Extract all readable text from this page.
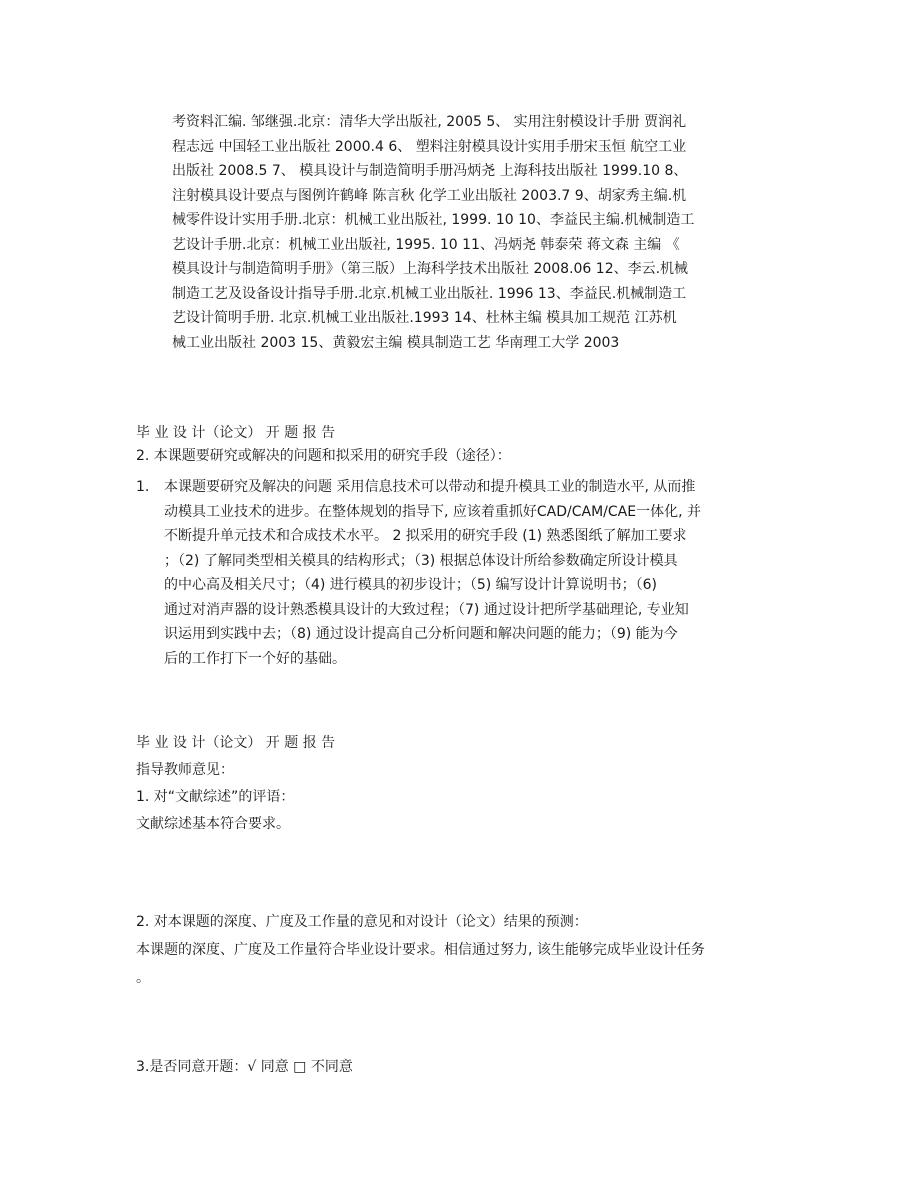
考资料汇编. 邹继强.北京：清华大学出版社, 2005 5、 实用注射模设计手册 贾润礼
程志远 中国轻工业出版社 2000.4 6、 塑料注射模具设计实用手册宋玉恒 航空工业
出版社 2008.5 7、 模具设计与制造简明手册冯炳尧 上海科技出版社 1999.10 8、
注射模具设计要点与图例许鹤峰 陈言秋 化学工业出版社 2003.7 9、胡家秀主编.机
械零件设计实用手册.北京：机械工业出版社, 1999. 10 10、李益民主编.机械制造工
艺设计手册.北京：机械工业出版社, 1995. 10 11、冯炳尧 韩泰荣 蒋文森 主编 《
模具设计与制造简明手册》（第三版）上海科学技术出版社 2008.06 12、李云.机械
制造工艺及设备设计指导手册.北京.机械工业出版社. 1996 13、李益民.机械制造工
艺设计简明手册. 北京.机械工业出版社.1993 14、杜林主编 模具加工规范 江苏机
械工业出版社 2003 15、黄毅宏主编 模具制造工艺 华南理工大学 2003
毕 业 设 计（论文） 开 题 报 告
2. 本课题要研究或解决的问题和拟采用的研究手段（途径）：
1. 本课题要研究及解决的问题 采用信息技术可以带动和提升模具工业的制造水平, 从而推
动模具工业技术的进步。在整体规划的指导下, 应该着重抓好CAD/CAM/CAE一体化, 并
不断提升单元技术和合成技术水平。 2 拟采用的研究手段 (1) 熟悉图纸了解加工要求
；（2) 了解同类型相关模具的结构形式；（3) 根据总体设计所给参数确定所设计模具
的中心高及相关尺寸；（4) 进行模具的初步设计；（5) 编写设计计算说明书；（6)
通过对消声器的设计熟悉模具设计的大致过程；（7) 通过设计把所学基础理论, 专业知
识运用到实践中去；（8) 通过设计提高自己分析问题和解决问题的能力；（9) 能为今
后的工作打下一个好的基础。
毕 业 设 计（论文） 开 题 报 告
指导教师意见：
1. 对“文献综述”的评语：
文献综述基本符合要求。
2. 对本课题的深度、广度及工作量的意见和对设计（论文）结果的预测：
本课题的深度、广度及工作量符合毕业设计要求。相信通过努力, 该生能够完成毕业设计任务
。
3.是否同意开题：√ 同意 □ 不同意
